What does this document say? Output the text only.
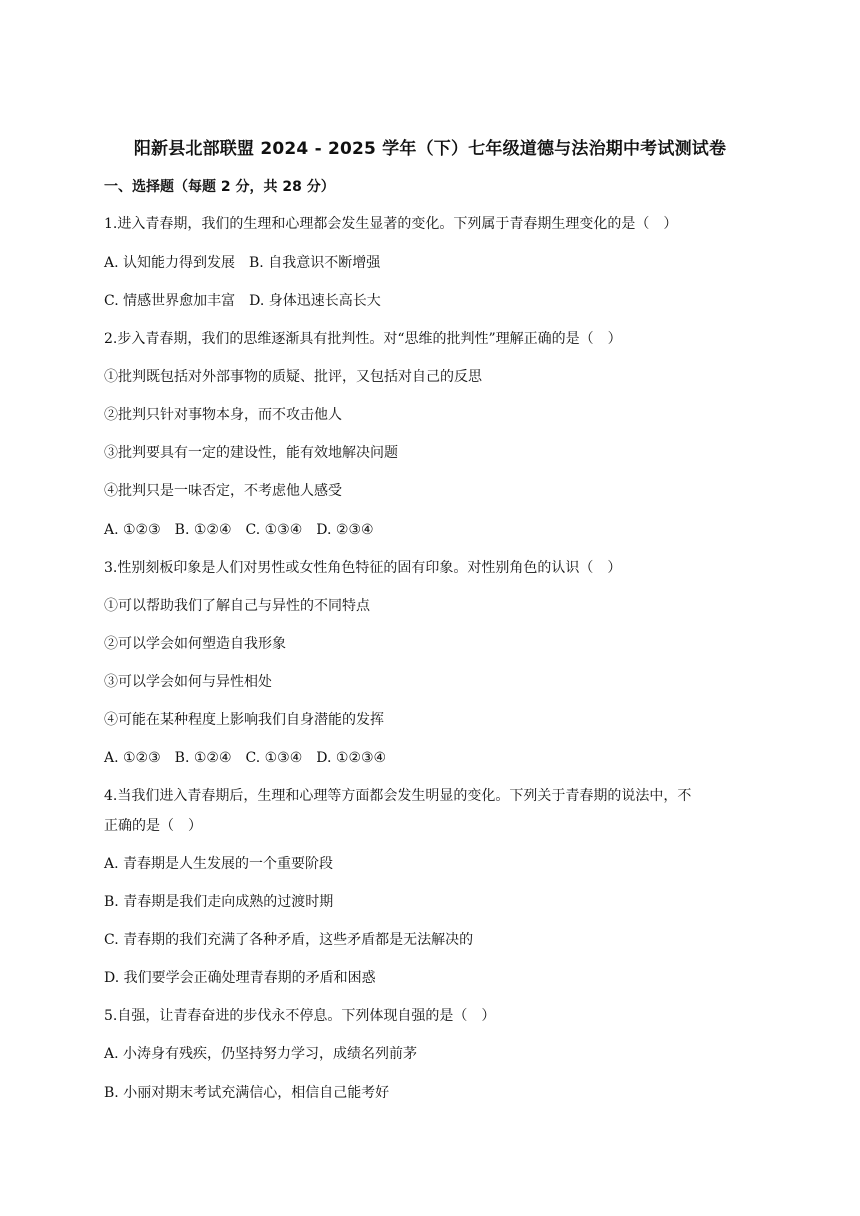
阳新县北部联盟 2024 - 2025 学年（下）七年级道德与法治期中考试测试卷
一、选择题（每题 2 分，共 28 分）
1.进入青春期，我们的生理和心理都会发生显著的变化。下列属于青春期生理变化的是（　）
A. 认知能力得到发展　B. 自我意识不断增强
C. 情感世界愈加丰富　D. 身体迅速长高长大
2.步入青春期，我们的思维逐渐具有批判性。对“思维的批判性”理解正确的是（　）
①批判既包括对外部事物的质疑、批评，又包括对自己的反思
②批判只针对事物本身，而不攻击他人
③批判要具有一定的建设性，能有效地解决问题
④批判只是一味否定，不考虑他人感受
A. ①②③　B. ①②④　C. ①③④　D. ②③④
3.性别刻板印象是人们对男性或女性角色特征的固有印象。对性别角色的认识（　）
①可以帮助我们了解自己与异性的不同特点
②可以学会如何塑造自我形象
③可以学会如何与异性相处
④可能在某种程度上影响我们自身潜能的发挥
A. ①②③　B. ①②④　C. ①③④　D. ①②③④
4.当我们进入青春期后，生理和心理等方面都会发生明显的变化。下列关于青春期的说法中，不
正确的是（　）
A. 青春期是人生发展的一个重要阶段
B. 青春期是我们走向成熟的过渡时期
C. 青春期的我们充满了各种矛盾，这些矛盾都是无法解决的
D. 我们要学会正确处理青春期的矛盾和困惑
5.自强，让青春奋进的步伐永不停息。下列体现自强的是（　）
A. 小涛身有残疾，仍坚持努力学习，成绩名列前茅
B. 小丽对期末考试充满信心，相信自己能考好
